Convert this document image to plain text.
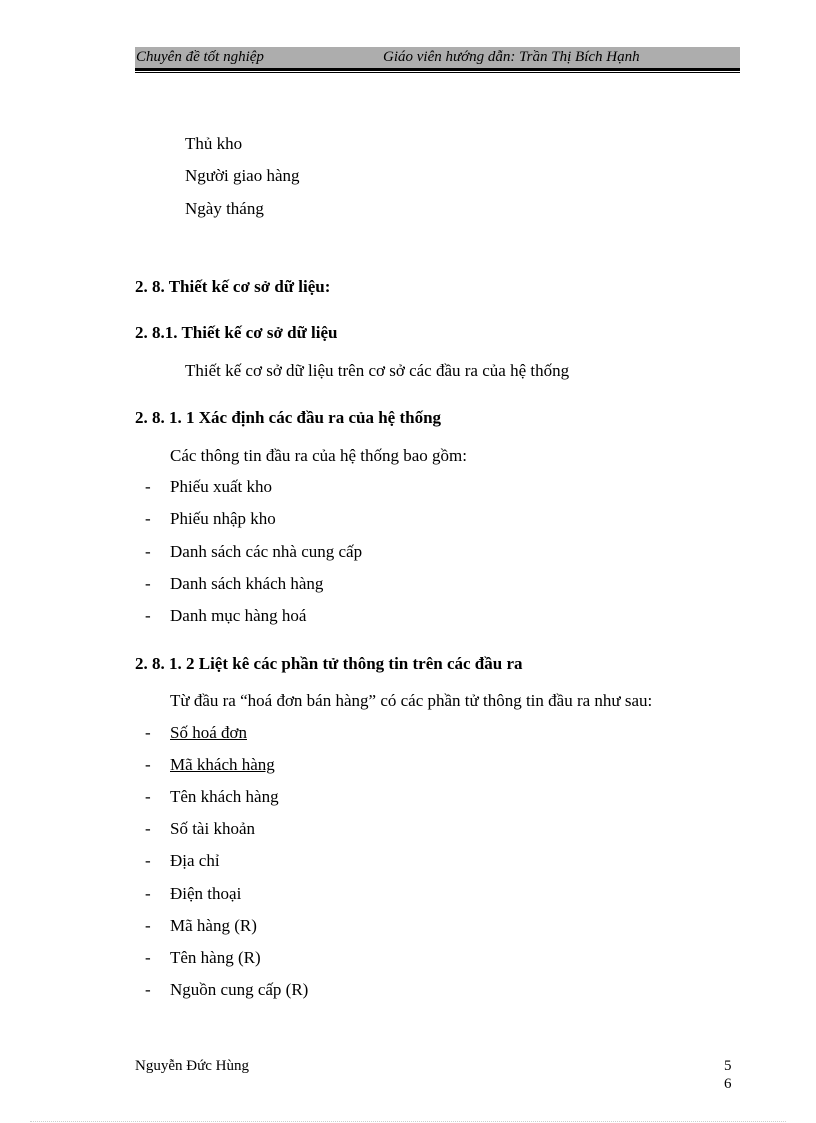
Chuyên đề tốt nghiệp	Giáo viên hướng dẫn: Trần Thị Bích Hạnh
Thủ kho
Người giao hàng
Ngày tháng
2. 8. Thiết kế cơ sở dữ liệu:
2. 8.1. Thiết kế cơ sở dữ liệu
Thiết kế cơ sở dữ liệu trên cơ sở các đầu ra của hệ thống
2. 8. 1. 1 Xác định các đầu ra của hệ thống
Các thông tin đầu ra của hệ thống bao gồm:
- Phiếu xuất kho
- Phiếu nhập kho
- Danh sách các nhà cung cấp
- Danh sách khách hàng
- Danh mục hàng hoá
2. 8. 1. 2 Liệt kê các phần tử thông tin trên các đầu ra
Từ đầu ra “hoá đơn bán hàng” có các phần tử thông tin đầu ra như sau:
- Số hoá đơn
- Mã khách hàng
- Tên khách hàng
- Số tài khoản
- Địa chỉ
- Điện thoại
- Mã hàng (R)
- Tên hàng (R)
- Nguồn cung cấp (R)
Nguyễn Đức Hùng	5
6
